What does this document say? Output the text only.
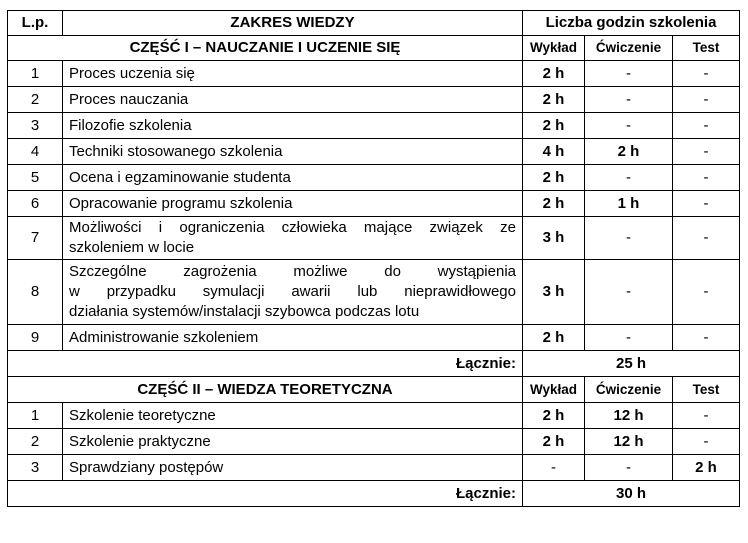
L.p.	ZAKRES WIEDZY	Liczba godzin szkolenia		
CZĘŚĆ I – NAUCZANIE I UCZENIE SIĘ		Wykład	Ćwiczenie	Test
1	Proces uczenia się	2 h	-	-
2	Proces nauczania	2 h	-	-
3	Filozofie szkolenia	2 h	-	-
4	Techniki stosowanego szkolenia	4 h	2 h	-
5	Ocena i egzaminowanie studenta	2 h	-	-
6	Opracowanie programu szkolenia	2 h	1 h	-
7	Możliwości i ograniczenia człowieka mające związek ze
szkoleniem w locie	3 h	-	-
8	Szczególne zagrożenia możliwe do wystąpienia
w przypadku symulacji awarii lub nieprawidłowego
działania systemów/instalacji szybowca podczas lotu	3 h	-	-
9	Administrowanie szkoleniem	2 h	-	-
Łącznie:		25 h		
CZĘŚĆ II – WIEDZA TEORETYCZNA		Wykład	Ćwiczenie	Test
1	Szkolenie teoretyczne	2 h	12 h	-
2	Szkolenie praktyczne	2 h	12 h	-
3	Sprawdziany postępów	-	-	2 h
Łącznie:		30 h		
